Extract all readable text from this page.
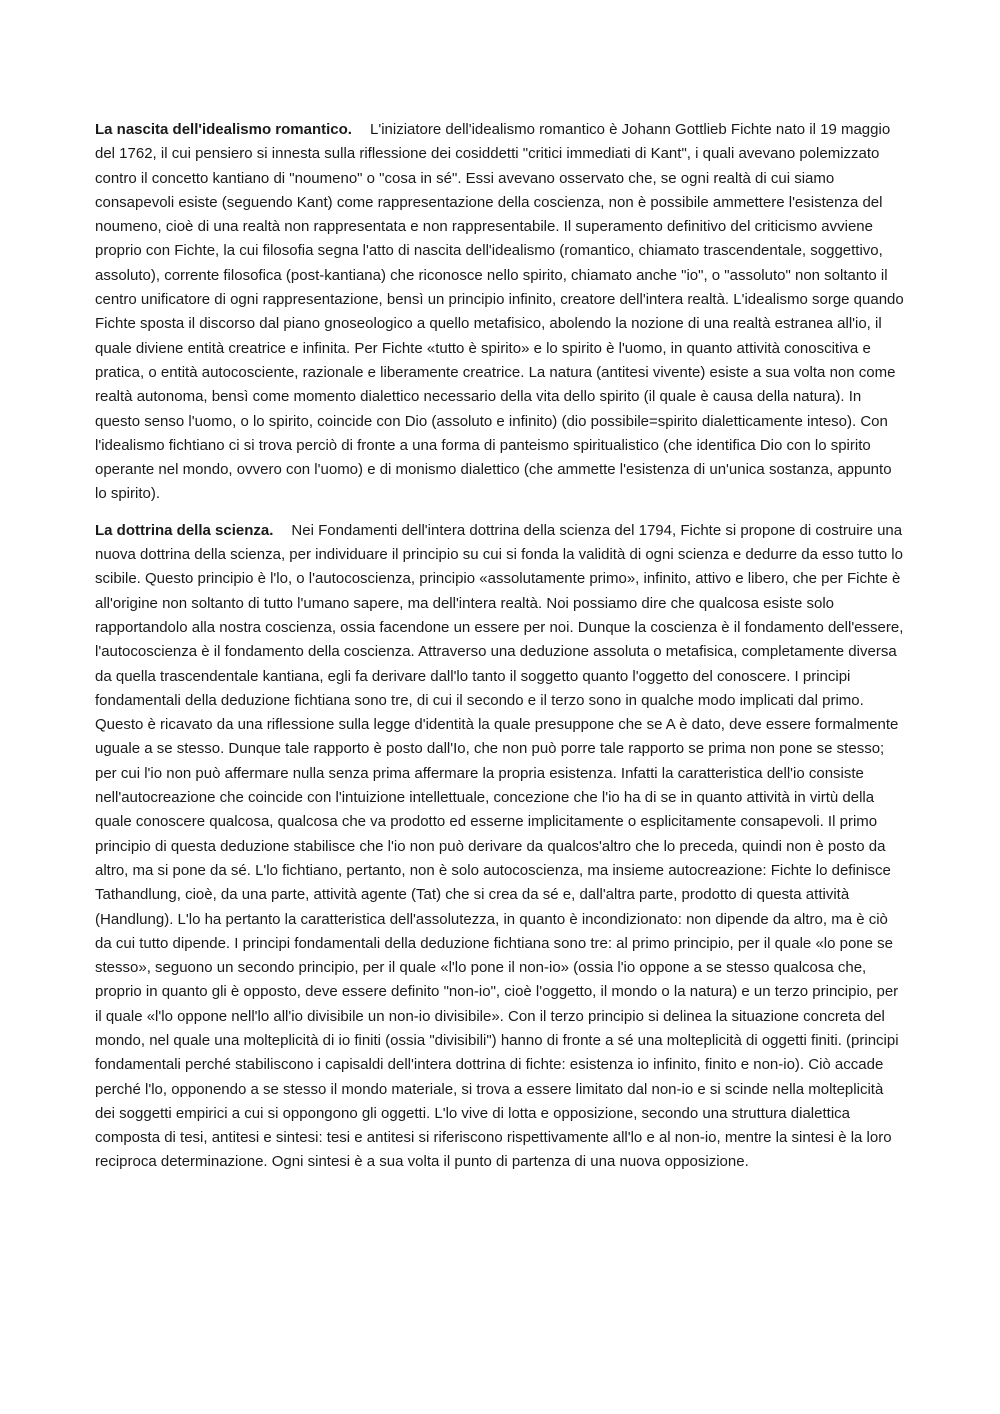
La nascita dell'idealismo romantico. L'iniziatore dell'idealismo romantico è Johann Gottlieb Fichte nato il 19 maggio del 1762, il cui pensiero si innesta sulla riflessione dei cosiddetti "critici immediati di Kant", i quali avevano polemizzato contro il concetto kantiano di "noumeno" o "cosa in sé". Essi avevano osservato che, se ogni realtà di cui siamo consapevoli esiste (seguendo Kant) come rappresentazione della coscienza, non è possibile ammettere l'esistenza del noumeno, cioè di una realtà non rappresentata e non rappresentabile. Il superamento definitivo del criticismo avviene proprio con Fichte, la cui filosofia segna l'atto di nascita dell'idealismo (romantico, chiamato trascendentale, soggettivo, assoluto), corrente filosofica (post-kantiana) che riconosce nello spirito, chiamato anche "io", o "assoluto" non soltanto il centro unificatore di ogni rappresentazione, bensì un principio infinito, creatore dell'intera realtà. L'idealismo sorge quando Fichte sposta il discorso dal piano gnoseologico a quello metafisico, abolendo la nozione di una realtà estranea all'io, il quale diviene entità creatrice e infinita. Per Fichte «tutto è spirito» e lo spirito è l'uomo, in quanto attività conoscitiva e pratica, o entità autocosciente, razionale e liberamente creatrice. La natura (antitesi vivente) esiste a sua volta non come realtà autonoma, bensì come momento dialettico necessario della vita dello spirito (il quale è causa della natura). In questo senso l'uomo, o lo spirito, coincide con Dio (assoluto e infinito) (dio possibile=spirito dialetticamente inteso). Con l'idealismo fichtiano ci si trova perciò di fronte a una forma di panteismo spiritualistico (che identifica Dio con lo spirito operante nel mondo, ovvero con l'uomo) e di monismo dialettico (che ammette l'esistenza di un'unica sostanza, appunto lo spirito).

La dottrina della scienza. Nei Fondamenti dell'intera dottrina della scienza del 1794, Fichte si propone di costruire una nuova dottrina della scienza, per individuare il principio su cui si fonda la validità di ogni scienza e dedurre da esso tutto lo scibile. Questo principio è l'lo, o l'autocoscienza, principio «assolutamente primo», infinito, attivo e libero, che per Fichte è all'origine non soltanto di tutto l'umano sapere, ma dell'intera realtà. Noi possiamo dire che qualcosa esiste solo rapportandolo alla nostra coscienza, ossia facendone un essere per noi. Dunque la coscienza è il fondamento dell'essere, l'autocoscienza è il fondamento della coscienza. Attraverso una deduzione assoluta o metafisica, completamente diversa da quella trascendentale kantiana, egli fa derivare dall'lo tanto il soggetto quanto l'oggetto del conoscere. I principi fondamentali della deduzione fichtiana sono tre, di cui il secondo e il terzo sono in qualche modo implicati dal primo. Questo è ricavato da una riflessione sulla legge d'identità la quale presuppone che se A è dato, deve essere formalmente uguale a se stesso. Dunque tale rapporto è posto dall'Io, che non può porre tale rapporto se prima non pone se stesso; per cui l'io non può affermare nulla senza prima affermare la propria esistenza. Infatti la caratteristica dell'io consiste nell'autocreazione che coincide con l'intuizione intellettuale, concezione che l'io ha di se in quanto attività in virtù della quale conoscere qualcosa, qualcosa che va prodotto ed esserne implicitamente o esplicitamente consapevoli. Il primo principio di questa deduzione stabilisce che l'io non può derivare da qualcos'altro che lo preceda, quindi non è posto da altro, ma si pone da sé. L'lo fichtiano, pertanto, non è solo autocoscienza, ma insieme autocreazione: Fichte lo definisce Tathandlung, cioè, da una parte, attività agente (Tat) che si crea da sé e, dall'altra parte, prodotto di questa attività (Handlung). L'lo ha pertanto la caratteristica dell'assolutezza, in quanto è incondizionato: non dipende da altro, ma è ciò da cui tutto dipende. I principi fondamentali della deduzione fichtiana sono tre: al primo principio, per il quale «lo pone se stesso», seguono un secondo principio, per il quale «l'lo pone il non-io» (ossia l'io oppone a se stesso qualcosa che, proprio in quanto gli è opposto, deve essere definito "non-io", cioè l'oggetto, il mondo o la natura) e un terzo principio, per il quale «l'lo oppone nell'lo all'io divisibile un non-io divisibile». Con il terzo principio si delinea la situazione concreta del mondo, nel quale una molteplicità di io finiti (ossia "divisibili") hanno di fronte a sé una molteplicità di oggetti finiti. (principi fondamentali perché stabiliscono i capisaldi dell'intera dottrina di fichte: esistenza io infinito, finito e non-io). Ciò accade perché l'lo, opponendo a se stesso il mondo materiale, si trova a essere limitato dal non-io e si scinde nella molteplicità dei soggetti empirici a cui si oppongono gli oggetti. L'lo vive di lotta e opposizione, secondo una struttura dialettica composta di tesi, antitesi e sintesi: tesi e antitesi si riferiscono rispettivamente all'lo e al non-io, mentre la sintesi è la loro reciproca determinazione. Ogni sintesi è a sua volta il punto di partenza di una nuova opposizione.
